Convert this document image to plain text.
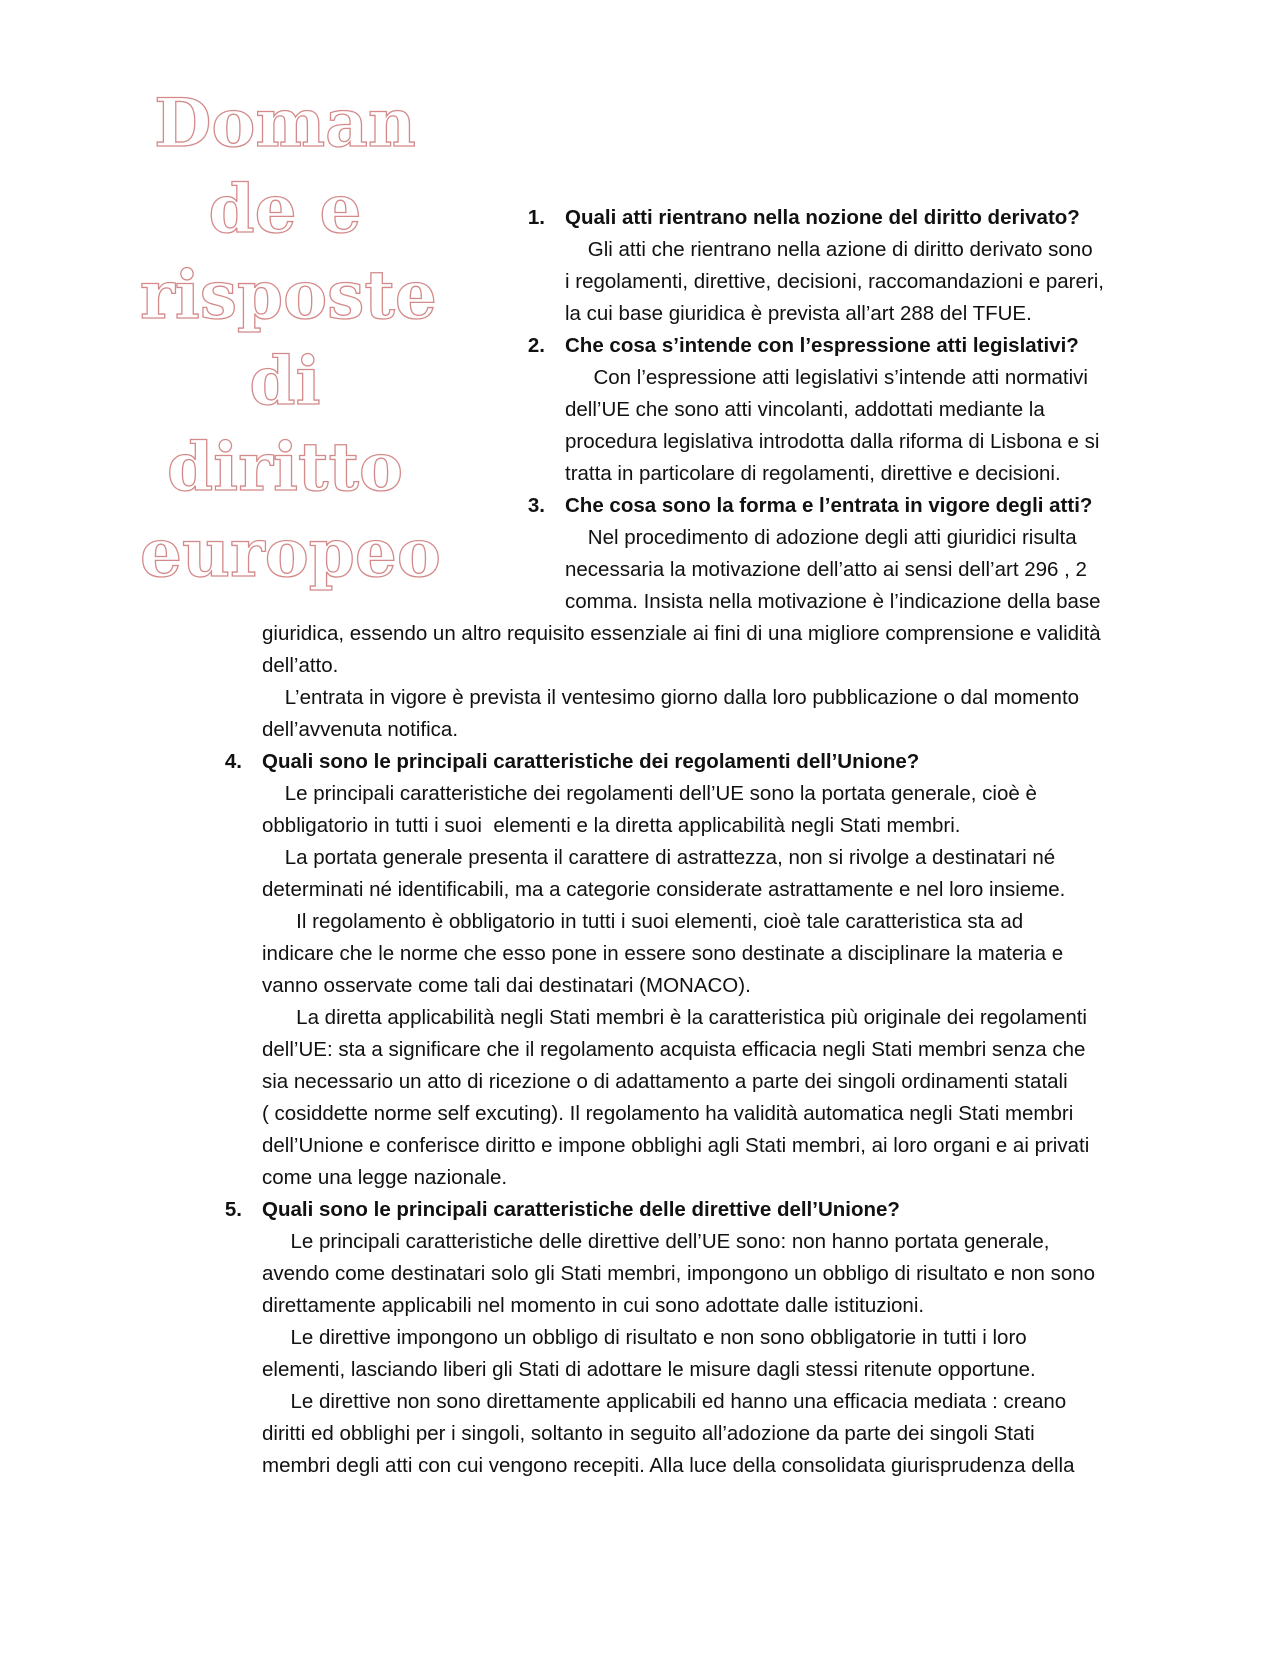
Doman
de e
risposte
di
diritto
europeo
1. Quali atti rientrano nella nozione del diritto derivato?
Gli atti che rientrano nella azione di diritto derivato sono
i regolamenti, direttive, decisioni, raccomandazioni e pareri,
la cui base giuridica è prevista all’art 288 del TFUE.
2. Che cosa s’intende con l’espressione atti legislativi?
Con l’espressione atti legislativi s’intende atti normativi
dell’UE che sono atti vincolanti, addottati mediante la
procedura legislativa introdotta dalla riforma di Lisbona e si
tratta in particolare di regolamenti, direttive e decisioni.
3. Che cosa sono la forma e l’entrata in vigore degli atti?
Nel procedimento di adozione degli atti giuridici risulta
necessaria la motivazione dell’atto ai sensi dell’art 296 , 2
comma. Insista nella motivazione è l’indicazione della base
giuridica, essendo un altro requisito essenziale ai fini di una migliore comprensione e validità
dell’atto.
L’entrata in vigore è prevista il ventesimo giorno dalla loro pubblicazione o dal momento
dell’avvenuta notifica.
4. Quali sono le principali caratteristiche dei regolamenti dell’Unione?
Le principali caratteristiche dei regolamenti dell’UE sono la portata generale, cioè è
obbligatorio in tutti i suoi  elementi e la diretta applicabilità negli Stati membri.
La portata generale presenta il carattere di astrattezza, non si rivolge a destinatari né
determinati né identificabili, ma a categorie considerate astrattamente e nel loro insieme.
Il regolamento è obbligatorio in tutti i suoi elementi, cioè tale caratteristica sta ad
indicare che le norme che esso pone in essere sono destinate a disciplinare la materia e
vanno osservate come tali dai destinatari (MONACO).
La diretta applicabilità negli Stati membri è la caratteristica più originale dei regolamenti
dell’UE: sta a significare che il regolamento acquista efficacia negli Stati membri senza che
sia necessario un atto di ricezione o di adattamento a parte dei singoli ordinamenti statali
( cosiddette norme self excuting). Il regolamento ha validità automatica negli Stati membri
dell’Unione e conferisce diritto e impone obblighi agli Stati membri, ai loro organi e ai privati
come una legge nazionale.
5. Quali sono le principali caratteristiche delle direttive dell’Unione?
Le principali caratteristiche delle direttive dell’UE sono: non hanno portata generale,
avendo come destinatari solo gli Stati membri, impongono un obbligo di risultato e non sono
direttamente applicabili nel momento in cui sono adottate dalle istituzioni.
Le direttive impongono un obbligo di risultato e non sono obbligatorie in tutti i loro
elementi, lasciando liberi gli Stati di adottare le misure dagli stessi ritenute opportune.
Le direttive non sono direttamente applicabili ed hanno una efficacia mediata : creano
diritti ed obblighi per i singoli, soltanto in seguito all’adozione da parte dei singoli Stati
membri degli atti con cui vengono recepiti. Alla luce della consolidata giurisprudenza della
